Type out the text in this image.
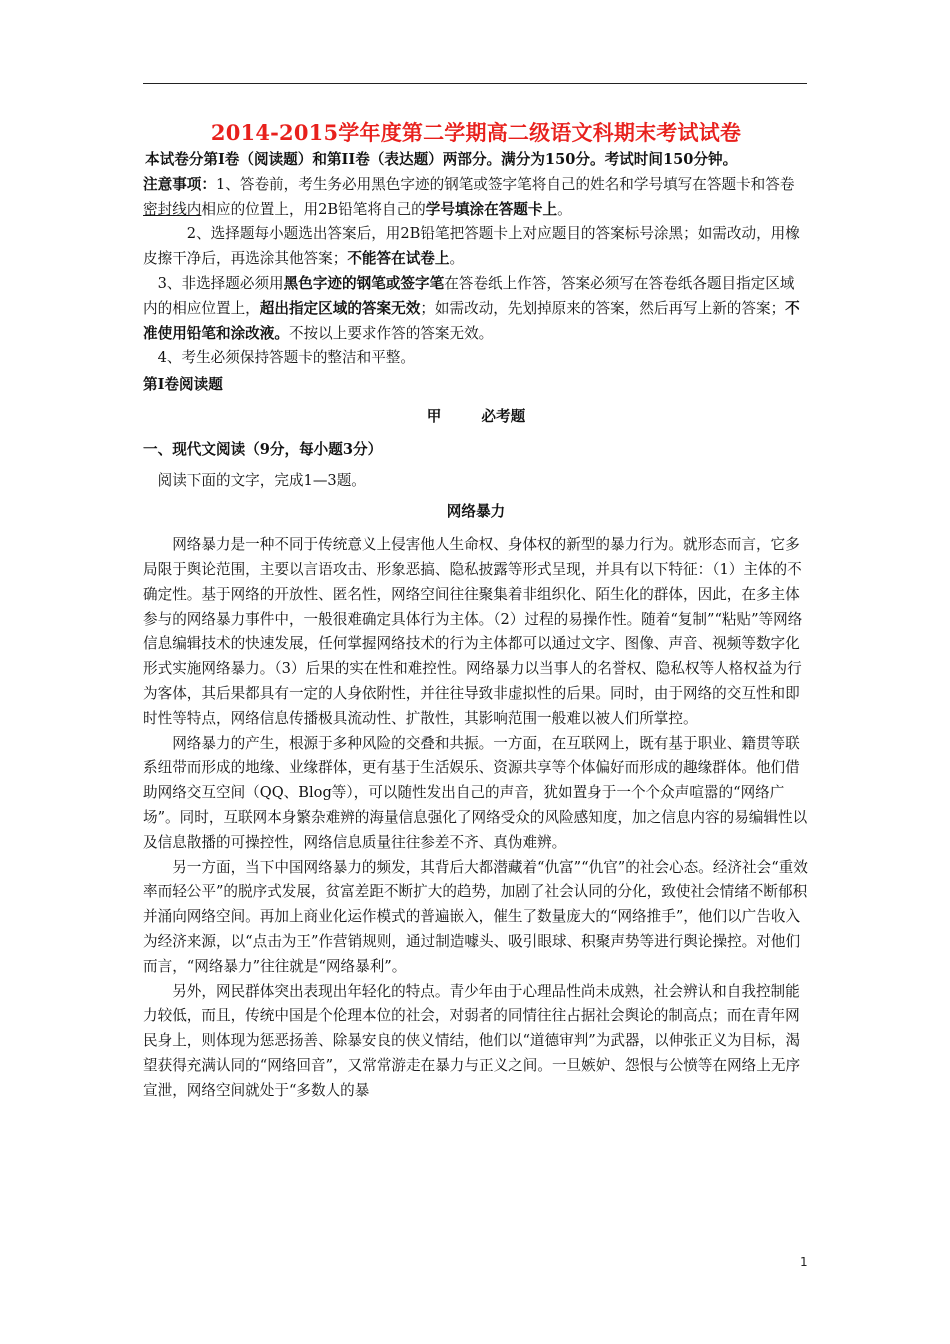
2014-2015学年度第二学期高二级语文科期末考试试卷

本试卷分第Ⅰ卷（阅读题）和第II卷（表达题）两部分。满分为150分。考试时间150分钟。

注意事项：1、答卷前，考生务必用黑色字迹的钢笔或签字笔将自己的姓名和学号填写在答题卡和答卷密封线内相应的位置上，用2B铅笔将自己的学号填涂在答题卡上。

2、选择题每小题选出答案后，用2B铅笔把答题卡上对应题目的答案标号涂黑；如需改动，用橡皮擦干净后，再选涂其他答案；不能答在试卷上。

3、非选择题必须用黑色字迹的钢笔或签字笔在答卷纸上作答，答案必须写在答卷纸各题目指定区域内的相应位置上，超出指定区域的答案无效；如需改动，先划掉原来的答案，然后再写上新的答案；不准使用铅笔和涂改液。不按以上要求作答的答案无效。

4、考生必须保持答题卡的整洁和平整。

第Ⅰ卷阅读题

甲	必考题

一、现代文阅读（9分，每小题3分）

阅读下面的文字，完成1—3题。

网络暴力

网络暴力是一种不同于传统意义上侵害他人生命权、身体权的新型的暴力行为。就形态而言，它多局限于舆论范围，主要以言语攻击、形象恶搞、隐私披露等形式呈现，并具有以下特征：（1）主体的不确定性。基于网络的开放性、匿名性，网络空间往往聚集着非组织化、陌生化的群体，因此，在多主体参与的网络暴力事件中，一般很难确定具体行为主体。（2）过程的易操作性。随着“复制”“粘贴”等网络信息编辑技术的快速发展，任何掌握网络技术的行为主体都可以通过文字、图像、声音、视频等数字化形式实施网络暴力。（3）后果的实在性和难控性。网络暴力以当事人的名誉权、隐私权等人格权益为行为客体，其后果都具有一定的人身依附性，并往往导致非虚拟性的后果。同时，由于网络的交互性和即时性等特点，网络信息传播极具流动性、扩散性，其影响范围一般难以被人们所掌控。

网络暴力的产生，根源于多种风险的交叠和共振。一方面，在互联网上，既有基于职业、籍贯等联系纽带而形成的地缘、业缘群体，更有基于生活娱乐、资源共享等个体偏好而形成的趣缘群体。他们借助网络交互空间（QQ、Blog等），可以随性发出自己的声音，犹如置身于一个个众声喧嚣的“网络广场”。同时，互联网本身繁杂难辨的海量信息强化了网络受众的风险感知度，加之信息内容的易编辑性以及信息散播的可操控性，网络信息质量往往参差不齐、真伪难辨。

另一方面，当下中国网络暴力的频发，其背后大都潜藏着“仇富”“仇官”的社会心态。经济社会“重效率而轻公平”的脱序式发展，贫富差距不断扩大的趋势，加剧了社会认同的分化，致使社会情绪不断郁积并涌向网络空间。再加上商业化运作模式的普遍嵌入，催生了数量庞大的“网络推手”，他们以广告收入为经济来源，以“点击为王”作营销规则，通过制造噱头、吸引眼球、积聚声势等进行舆论操控。对他们而言，“网络暴力”往往就是“网络暴利”。

另外，网民群体突出表现出年轻化的特点。青少年由于心理品性尚未成熟，社会辨认和自我控制能力较低，而且，传统中国是个伦理本位的社会，对弱者的同情往往占据社会舆论的制高点；而在青年网民身上，则体现为惩恶扬善、除暴安良的侠义情结，他们以“道德审判”为武器，以伸张正义为目标，渴望获得充满认同的“网络回音”，又常常游走在暴力与正义之间。一旦嫉妒、怨恨与公愤等在网络上无序宣泄，网络空间就处于“多数人的暴

1
